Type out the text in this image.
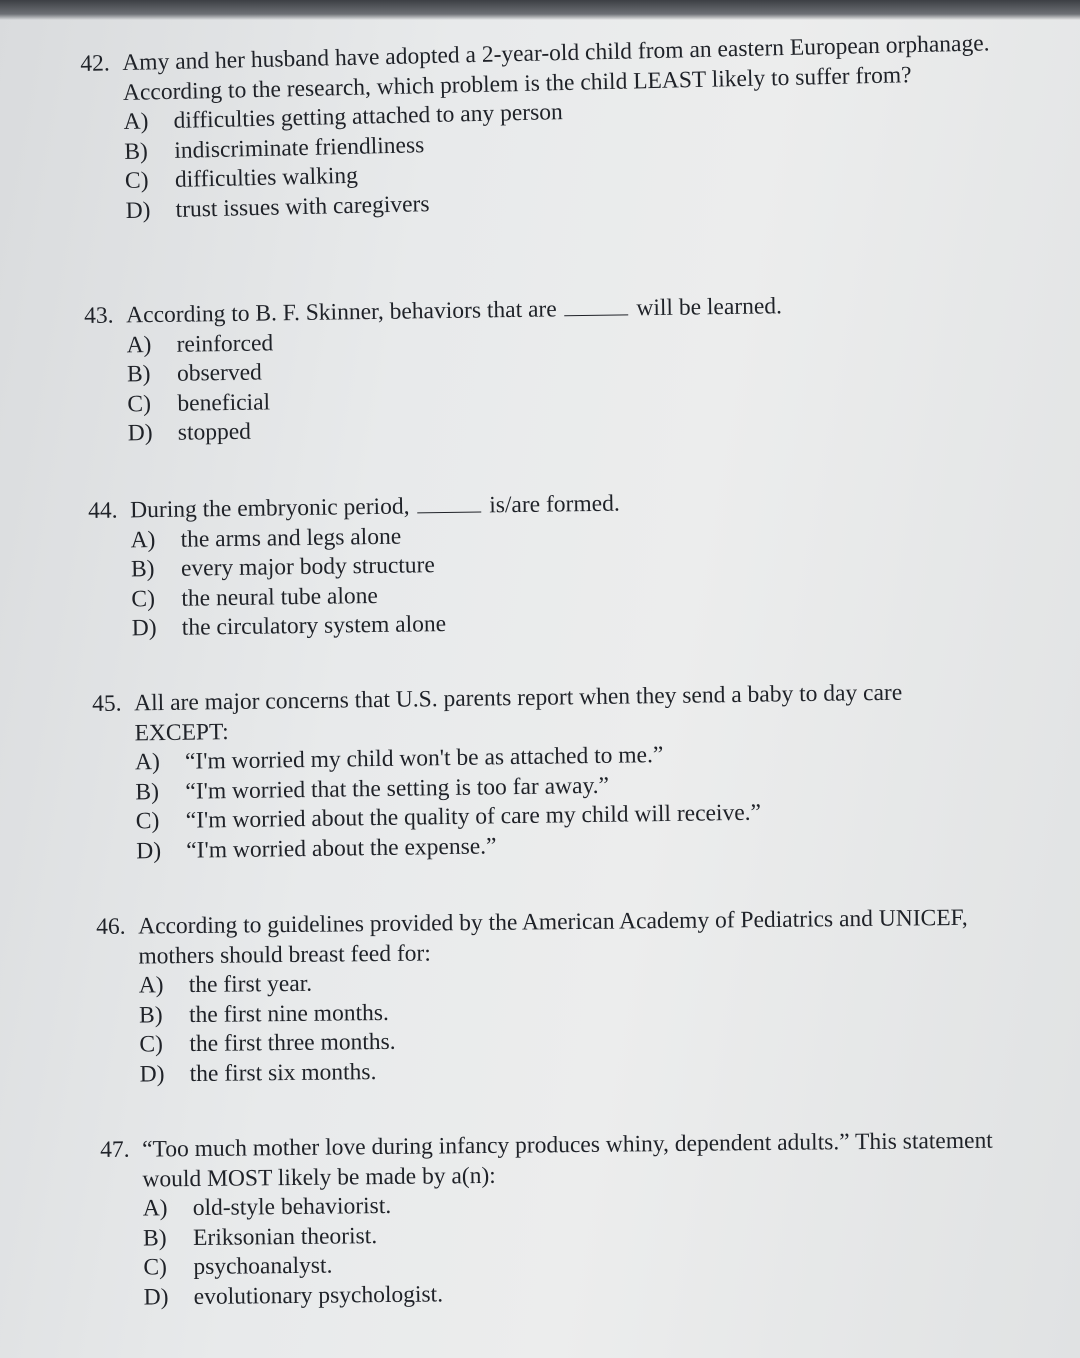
42. Amy and her husband have adopted a 2-year-old child from an eastern European orphanage. According to the research, which problem is the child LEAST likely to suffer from?
A)	difficulties getting attached to any person
B)	indiscriminate friendliness
C)	difficulties walking
D)	trust issues with caregivers
43. According to B. F. Skinner, behaviors that are	will be learned.
A)	reinforced
B)	observed
C)	beneficial
D)	stopped
44. During the embryonic period,	is/are formed.
A)	the arms and legs alone
B)	every major body structure
C)	the neural tube alone
D)	the circulatory system alone
45. All are major concerns that U.S. parents report when they send a baby to day care EXCEPT:
A)	“I'm worried my child won't be as attached to me.”
B)	“I'm worried that the setting is too far away.”
C)	“I'm worried about the quality of care my child will receive.”
D)	“I'm worried about the expense.”
46. According to guidelines provided by the American Academy of Pediatrics and UNICEF, mothers should breast feed for:
A)	the first year.
B)	the first nine months.
C)	the first three months.
D)	the first six months.
47. “Too much mother love during infancy produces whiny, dependent adults.” This statement would MOST likely be made by a(n):
A)	old-style behaviorist.
B)	Eriksonian theorist.
C)	psychoanalyst.
D)	evolutionary psychologist.
